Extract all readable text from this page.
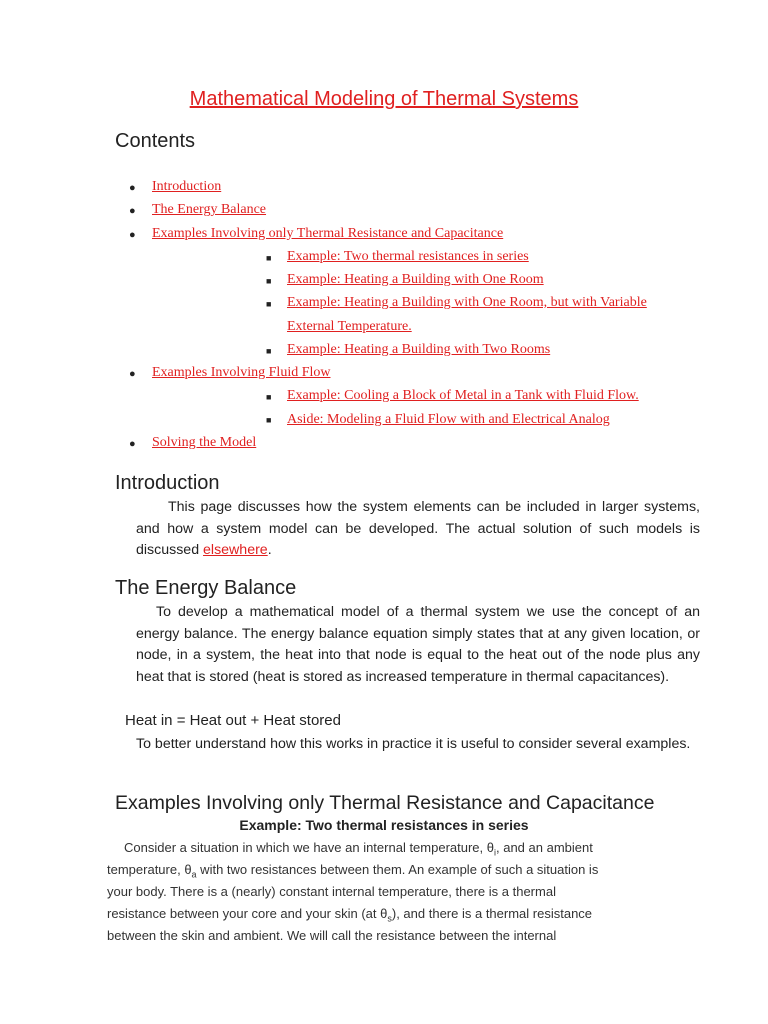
Mathematical Modeling of Thermal Systems
Contents
● Introduction
● The Energy Balance
● Examples Involving only Thermal Resistance and Capacitance
■ Example: Two thermal resistances in series
■ Example: Heating a Building with One Room
■ Example: Heating a Building with One Room, but with Variable
External Temperature.
■ Example: Heating a Building with Two Rooms
● Examples Involving Fluid Flow
■ Example: Cooling a Block of Metal in a Tank with Fluid Flow.
■ Aside: Modeling a Fluid Flow with and Electrical Analog
● Solving the Model
Introduction
This page discusses how the system elements can be included in larger systems, and how a system model can be developed. The actual solution of such models is discussed elsewhere.
The Energy Balance
To develop a mathematical model of a thermal system we use the concept of an energy balance. The energy balance equation simply states that at any given location, or node, in a system, the heat into that node is equal to the heat out of the node plus any heat that is stored (heat is stored as increased temperature in thermal capacitances).
Heat in = Heat out + Heat stored
To better understand how this works in practice it is useful to consider several examples.
Examples Involving only Thermal Resistance and Capacitance
Example: Two thermal resistances in series
Consider a situation in which we have an internal temperature, $\theta_i$, and an ambient
temperature, $\theta_a$ with two resistances between them. An example of such a situation is
your body. There is a (nearly) constant internal temperature, there is a thermal
resistance between your core and your skin (at $\theta_s$), and there is a thermal resistance
between the skin and ambient. We will call the resistance between the internal
